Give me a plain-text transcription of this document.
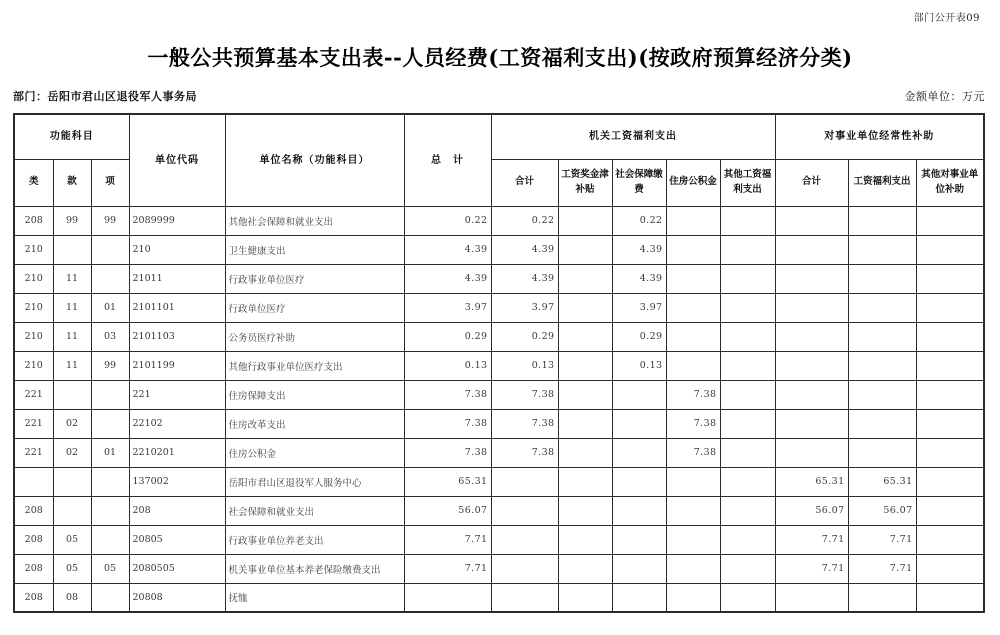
部门公开表09
一般公共预算基本支出表--人员经费(工资福利支出)(按政府预算经济分类)
部门：岳阳市君山区退役军人事务局	金额单位：万元
功能科目			单位代码	单位名称（功能科目）	总　计	机关工资福利支出					对事业单位经常性补助		
类	款	项				合计	工资奖金津补贴	社会保障缴费	住房公积金	其他工资福利支出	合计	工资福利支出	其他对事业单位补助
208	99	99	2089999	其他社会保障和就业支出	0.22	0.22		0.22					
210			210	卫生健康支出	4.39	4.39		4.39					
210	11		21011	行政事业单位医疗	4.39	4.39		4.39					
210	11	01	2101101	行政单位医疗	3.97	3.97		3.97					
210	11	03	2101103	公务员医疗补助	0.29	0.29		0.29					
210	11	99	2101199	其他行政事业单位医疗支出	0.13	0.13		0.13					
221			221	住房保障支出	7.38	7.38			7.38				
221	02		22102	住房改革支出	7.38	7.38			7.38				
221	02	01	2210201	住房公积金	7.38	7.38			7.38				
			137002	岳阳市君山区退役军人服务中心	65.31						65.31	65.31	
208			208	社会保障和就业支出	56.07						56.07	56.07	
208	05		20805	行政事业单位养老支出	7.71						7.71	7.71	
208	05	05	2080505	机关事业单位基本养老保险缴费支出	7.71						7.71	7.71	
208	08		20808	抚恤									
